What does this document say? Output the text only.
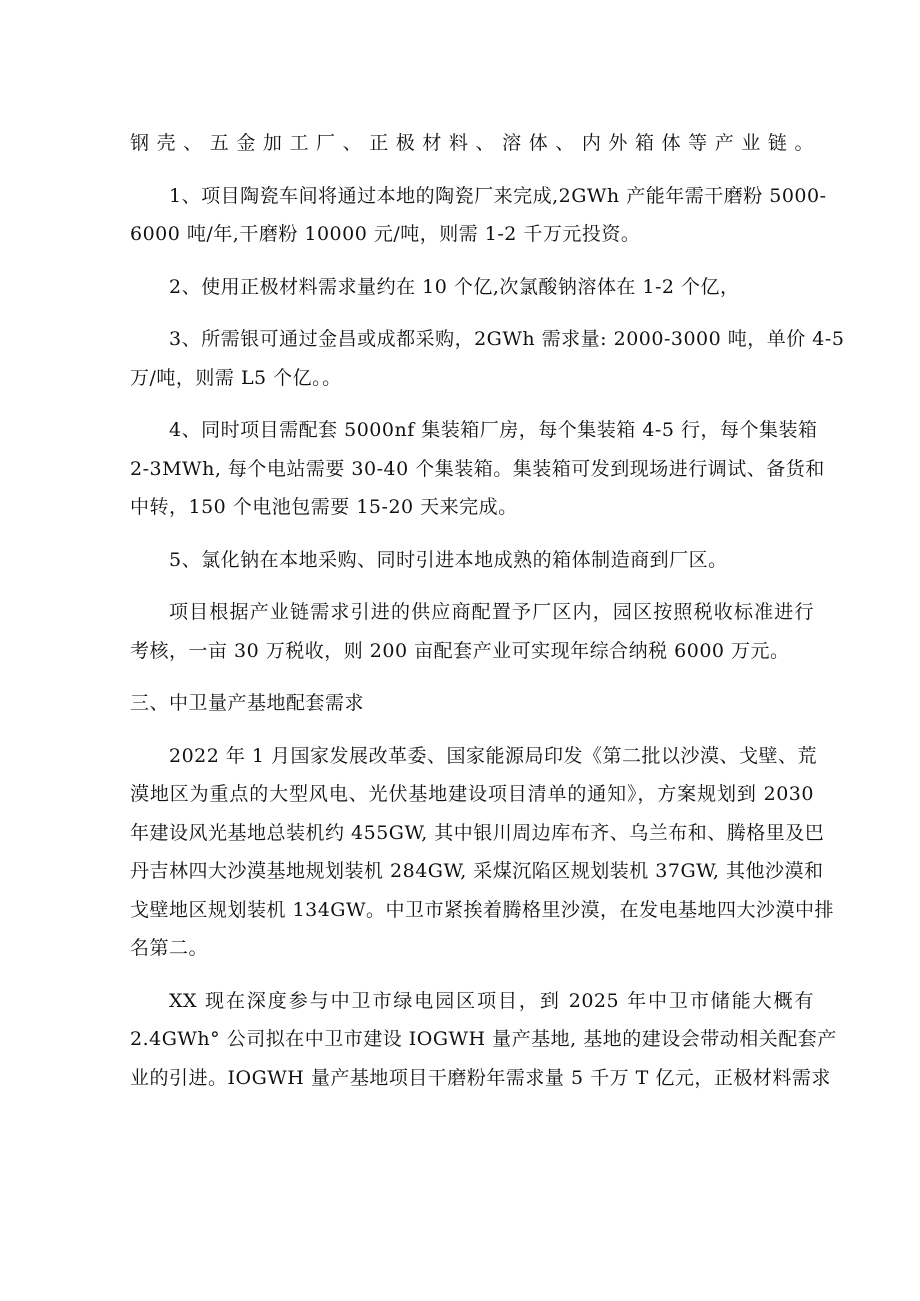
钢壳、五金加工厂、正极材料、溶体、内外箱体等产业链。
1、项目陶瓷车间将通过本地的陶瓷厂来完成,2GWh 产能年需干磨粉 5000-
6000 吨/年,干磨粉 10000 元/吨，则需 1-2 千万元投资。
2、使用正极材料需求量约在 10 个亿,次氯酸钠溶体在 1-2 个亿，
3、所需银可通过金昌或成都采购，2GWh 需求量: 2000-3000 吨，单价 4-5
万/吨，则需 L5 个亿。。
4、同时项目需配套 5000nf 集装箱厂房，每个集装箱 4-5 行，每个集装箱
2-3MWh, 每个电站需要 30-40 个集装箱。集装箱可发到现场进行调试、备货和
中转，150 个电池包需要 15-20 天来完成。
5、氯化钠在本地采购、同时引进本地成熟的箱体制造商到厂区。
项目根据产业链需求引进的供应商配置予厂区内，园区按照税收标准进行
考核，一亩 30 万税收，则 200 亩配套产业可实现年综合纳税 6000 万元。
三、中卫量产基地配套需求
2022 年 1 月国家发展改革委、国家能源局印发《第二批以沙漠、戈壁、荒
漠地区为重点的大型风电、光伏基地建设项目清单的通知》，方案规划到 2030
年建设风光基地总装机约 455GW, 其中银川周边库布齐、乌兰布和、腾格里及巴
丹吉林四大沙漠基地规划装机 284GW, 采煤沉陷区规划装机 37GW, 其他沙漠和
戈壁地区规划装机 134GW。中卫市紧挨着腾格里沙漠，在发电基地四大沙漠中排
名第二。
XX 现在深度参与中卫市绿电园区项目，到 2025 年中卫市储能大概有
2.4GWh° 公司拟在中卫市建设 IOGWH 量产基地, 基地的建设会带动相关配套产
业的引进。IOGWH 量产基地项目干磨粉年需求量 5 千万 T 亿元，正极材料需求
